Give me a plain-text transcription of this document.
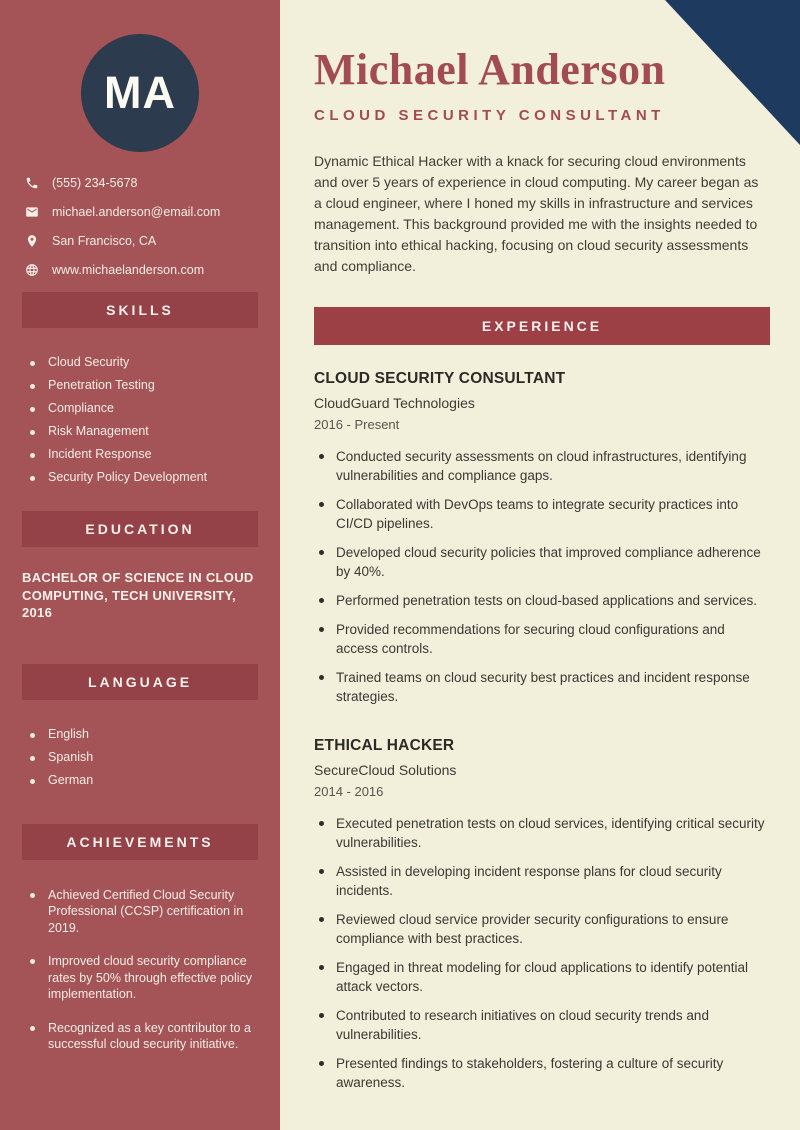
MA
(555) 234-5678
michael.anderson@email.com
San Francisco, CA
www.michaelanderson.com
SKILLS
Cloud Security
Penetration Testing
Compliance
Risk Management
Incident Response
Security Policy Development
EDUCATION

BACHELOR OF SCIENCE IN CLOUD COMPUTING, TECH UNIVERSITY, 2016

LANGUAGE
English
Spanish
German
ACHIEVEMENTS
Achieved Certified Cloud Security Professional (CCSP) certification in 2019.
Improved cloud security compliance rates by 50% through effective policy implementation.
Recognized as a key contributor to a successful cloud security initiative.
Michael Anderson
CLOUD SECURITY CONSULTANT

Dynamic Ethical Hacker with a knack for securing cloud environments and over 5 years of experience in cloud computing. My career began as a cloud engineer, where I honed my skills in infrastructure and services management. This background provided me with the insights needed to transition into ethical hacking, focusing on cloud security assessments and compliance.

EXPERIENCE
CLOUD SECURITY CONSULTANT
CloudGuard Technologies
2016 - Present
Conducted security assessments on cloud infrastructures, identifying vulnerabilities and compliance gaps.
Collaborated with DevOps teams to integrate security practices into CI/CD pipelines.
Developed cloud security policies that improved compliance adherence by 40%.
Performed penetration tests on cloud-based applications and services.
Provided recommendations for securing cloud configurations and access controls.
Trained teams on cloud security best practices and incident response strategies.
ETHICAL HACKER
SecureCloud Solutions
2014 - 2016
Executed penetration tests on cloud services, identifying critical security vulnerabilities.
Assisted in developing incident response plans for cloud security incidents.
Reviewed cloud service provider security configurations to ensure compliance with best practices.
Engaged in threat modeling for cloud applications to identify potential attack vectors.
Contributed to research initiatives on cloud security trends and vulnerabilities.
Presented findings to stakeholders, fostering a culture of security awareness.
